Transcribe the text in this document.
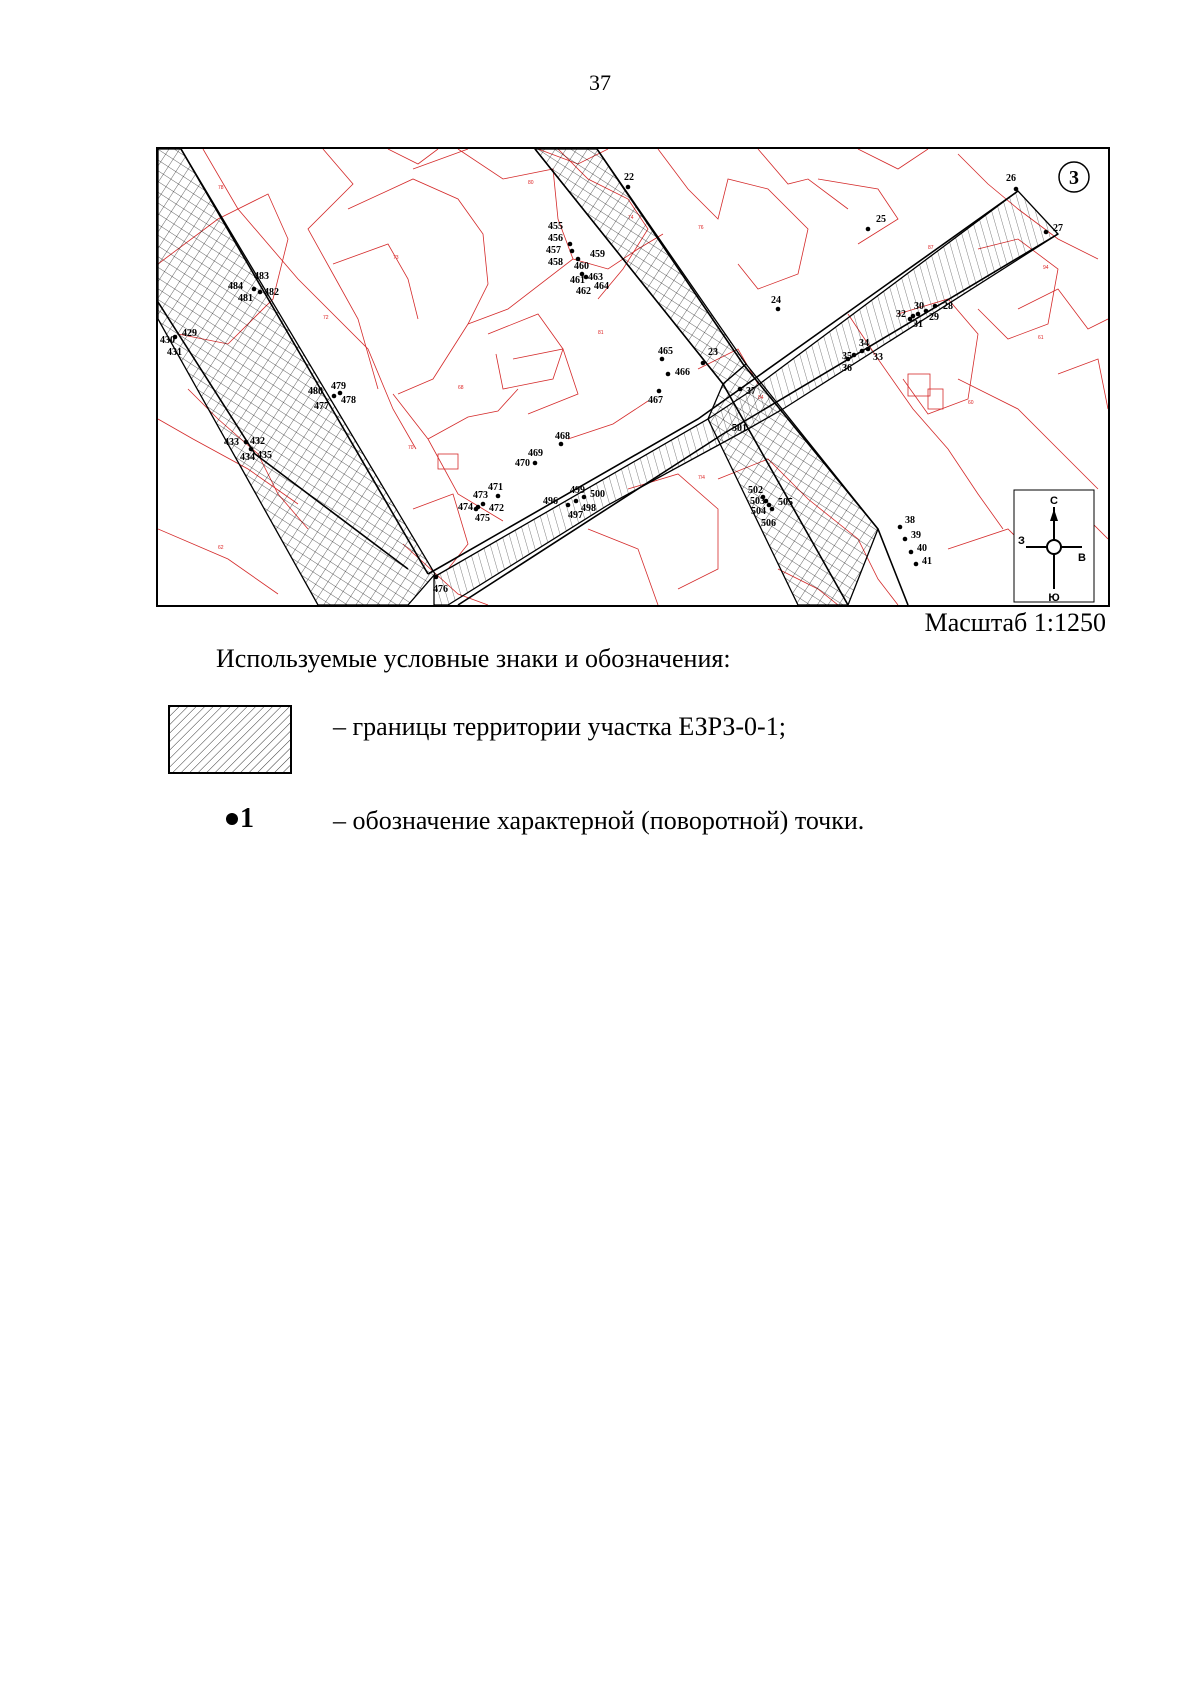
37
78
80
73
72
70
68
76
81
61
87
94
60
62
7/4
22
23
24
25
26
27
28
29
30
31
32
33
34
35
36
37
38
39
40
41
429
430
431
432
433
434 435
455
456
457
458
459
460
461
462
463
464
465
466
467
468
469
470
471
472
473
474
475
476
477
478
479
480
481
482
483
484
496
497
498
499 500
501
502
503
504
505
506
3
С
В
Ю
З
Масштаб 1:1250
Используемые условные знаки и обозначения:
– границы территории участка ЕЗРЗ-0-1;
1	– обозначение характерной (поворотной) точки.
